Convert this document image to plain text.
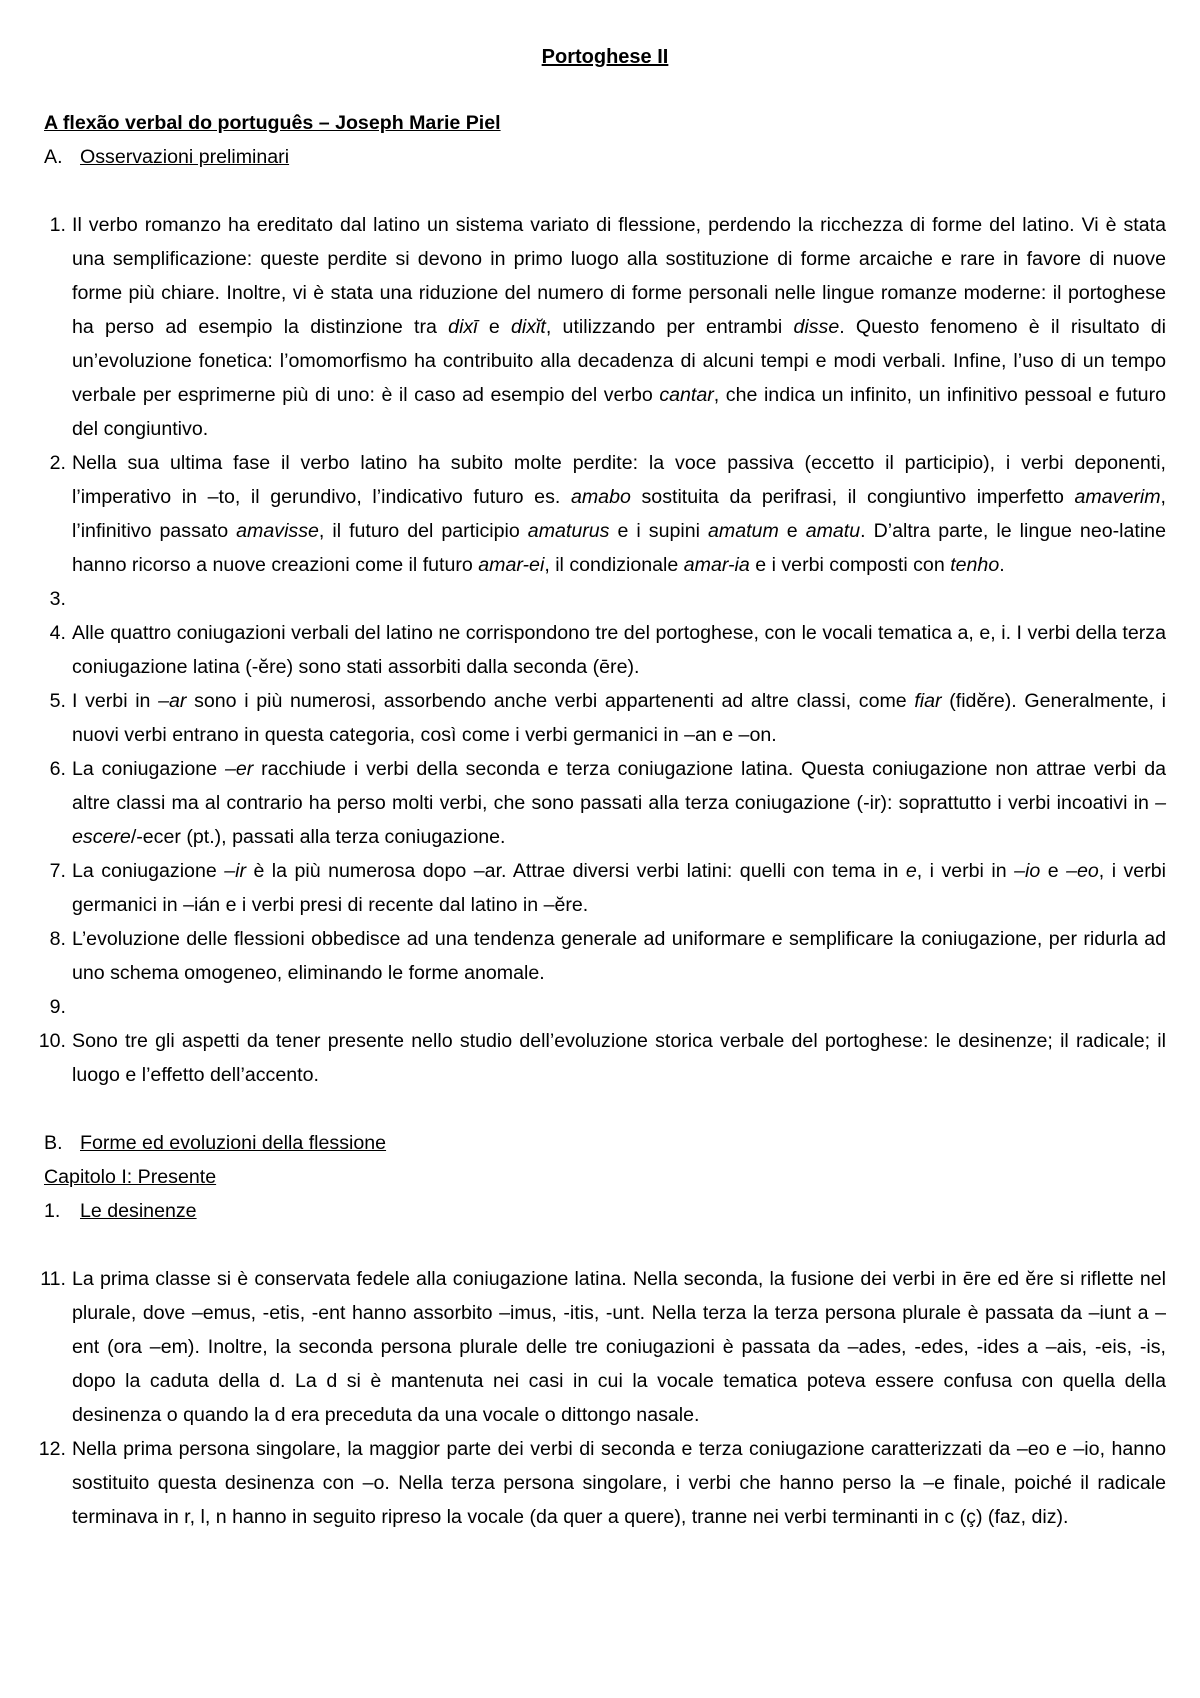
Portoghese II

A flexão verbal do português – Joseph Marie Piel

A. Osservazioni preliminari

1. Il verbo romanzo ha ereditato dal latino un sistema variato di flessione, perdendo la ricchezza di forme del latino. Vi è stata una semplificazione: queste perdite si devono in primo luogo alla sostituzione di forme arcaiche e rare in favore di nuove forme più chiare. Inoltre, vi è stata una riduzione del numero di forme personali nelle lingue romanze moderne: il portoghese ha perso ad esempio la distinzione tra dixī e dixĭt, utilizzando per entrambi disse. Questo fenomeno è il risultato di un’evoluzione fonetica: l’omomorfismo ha contribuito alla decadenza di alcuni tempi e modi verbali. Infine, l’uso di un tempo verbale per esprimerne più di uno: è il caso ad esempio del verbo cantar, che indica un infinito, un infinitivo pessoal e futuro del congiuntivo.
2. Nella sua ultima fase il verbo latino ha subito molte perdite: la voce passiva (eccetto il participio), i verbi deponenti, l’imperativo in –to, il gerundivo, l’indicativo futuro es. amabo sostituita da perifrasi, il congiuntivo imperfetto amaverim, l’infinitivo passato amavisse, il futuro del participio amaturus e i supini amatum e amatu. D’altra parte, le lingue neo-latine hanno ricorso a nuove creazioni come il futuro amar-ei, il condizionale amar-ia e i verbi composti con tenho.
3.
4. Alle quattro coniugazioni verbali del latino ne corrispondono tre del portoghese, con le vocali tematica a, e, i. I verbi della terza coniugazione latina (-ĕre) sono stati assorbiti dalla seconda (ēre).
5. I verbi in –ar sono i più numerosi, assorbendo anche verbi appartenenti ad altre classi, come fiar (fidĕre). Generalmente, i nuovi verbi entrano in questa categoria, così come i verbi germanici in –an e –on.
6. La coniugazione –er racchiude i verbi della seconda e terza coniugazione latina. Questa coniugazione non attrae verbi da altre classi ma al contrario ha perso molti verbi, che sono passati alla terza coniugazione (-ir): soprattutto i verbi incoativi in –escere/-ecer (pt.), passati alla terza coniugazione.
7. La coniugazione –ir è la più numerosa dopo –ar. Attrae diversi verbi latini: quelli con tema in e, i verbi in –io e –eo, i verbi germanici in –ián e i verbi presi di recente dal latino in –ĕre.
8. L’evoluzione delle flessioni obbedisce ad una tendenza generale ad uniformare e semplificare la coniugazione, per ridurla ad uno schema omogeneo, eliminando le forme anomale.
9.
10. Sono tre gli aspetti da tener presente nello studio dell’evoluzione storica verbale del portoghese: le desinenze; il radicale; il luogo e l’effetto dell’accento.

B. Forme ed evoluzioni della flessione

Capitolo I: Presente

1. Le desinenze

11. La prima classe si è conservata fedele alla coniugazione latina. Nella seconda, la fusione dei verbi in ēre ed ĕre si riflette nel plurale, dove –emus, -etis, -ent hanno assorbito –imus, -itis, -unt. Nella terza la terza persona plurale è passata da –iunt a –ent (ora –em). Inoltre, la seconda persona plurale delle tre coniugazioni è passata da –ades, -edes, -ides a –ais, -eis, -is, dopo la caduta della d. La d si è mantenuta nei casi in cui la vocale tematica poteva essere confusa con quella della desinenza o quando la d era preceduta da una vocale o dittongo nasale.
12. Nella prima persona singolare, la maggior parte dei verbi di seconda e terza coniugazione caratterizzati da –eo e –io, hanno sostituito questa desinenza con –o. Nella terza persona singolare, i verbi che hanno perso la –e finale, poiché il radicale terminava in r, l, n hanno in seguito ripreso la vocale (da quer a quere), tranne nei verbi terminanti in c (ç) (faz, diz).
